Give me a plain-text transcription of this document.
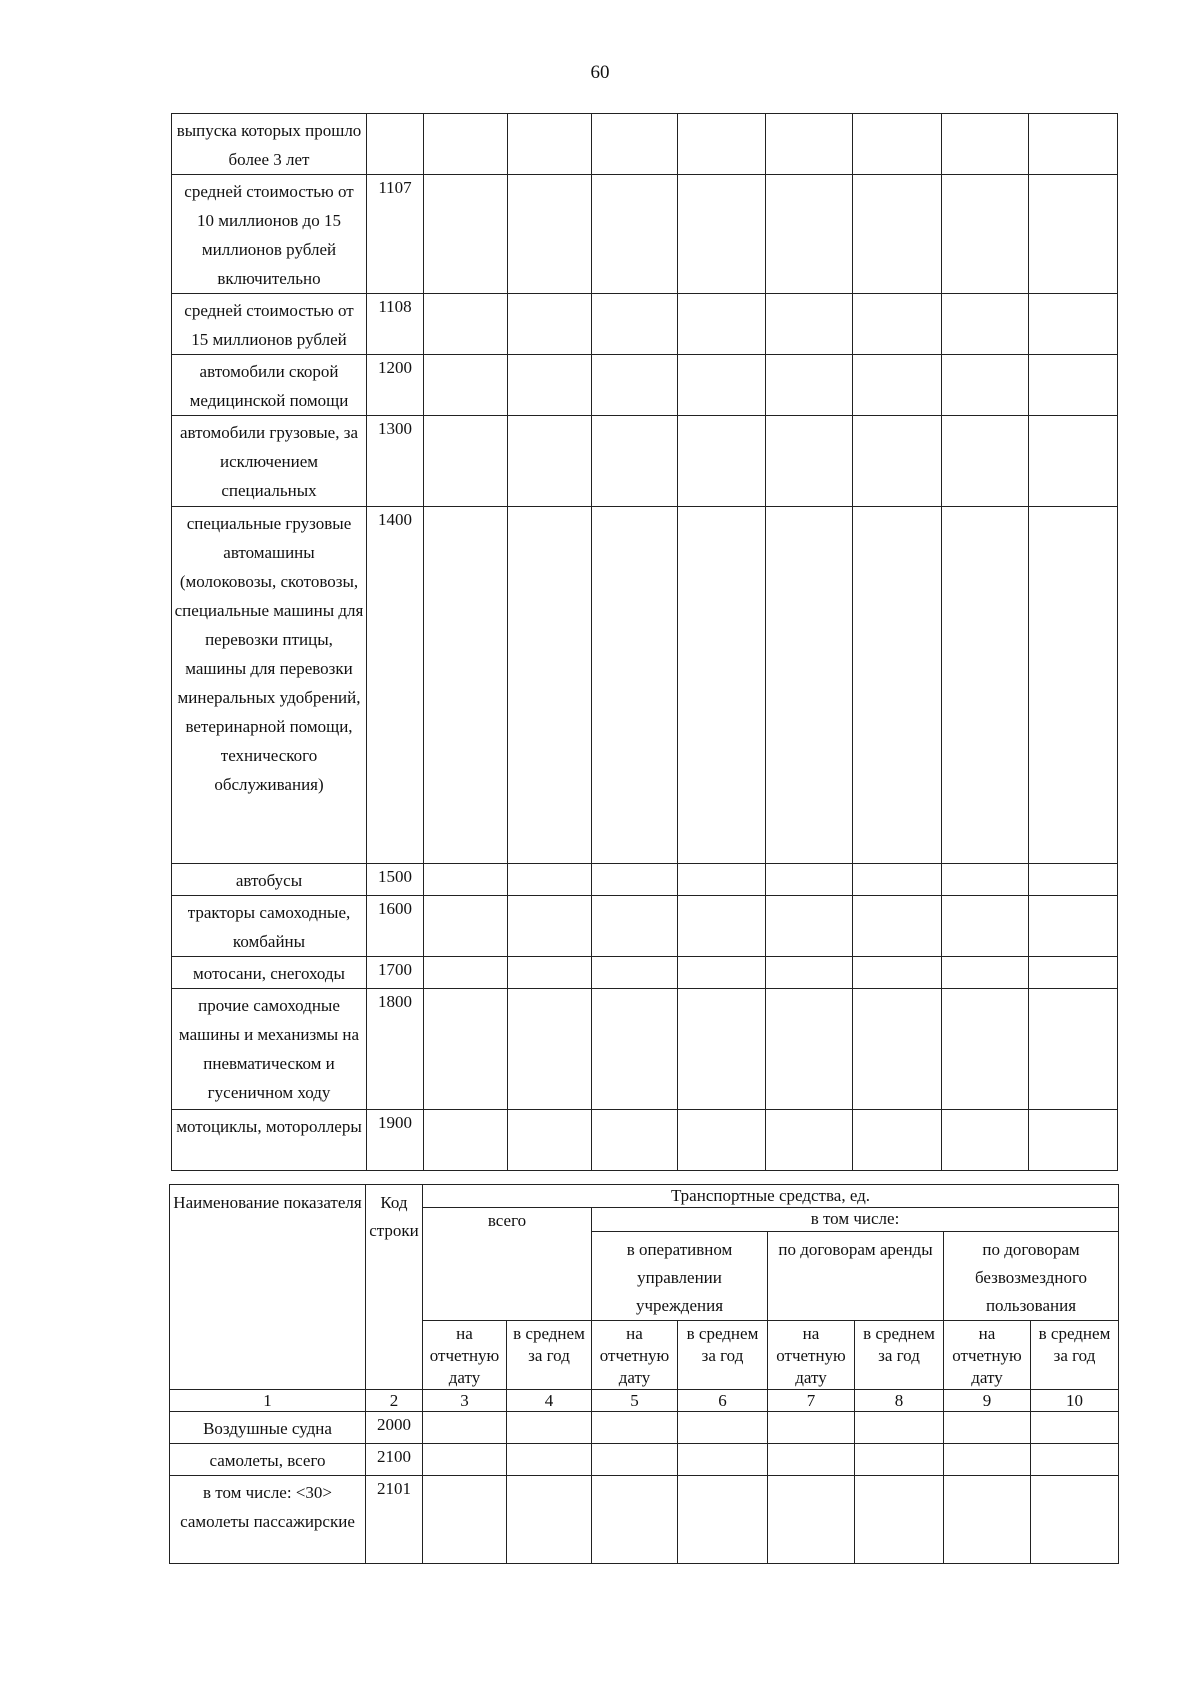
60
выпуска которых прошло более 3 лет									
средней стоимостью от 10 миллионов до 15 миллионов рублей включительно	1107								
средней стоимостью от 15 миллионов рублей	1108								
автомобили скорой медицинской помощи	1200								
автомобили грузовые, за исключением специальных	1300								
специальные грузовые автомашины (молоковозы, скотовозы, специальные машины для перевозки птицы, машины для перевозки минеральных удобрений, ветеринарной помощи, технического обслуживания)	1400								
автобусы	1500								
тракторы самоходные, комбайны	1600								
мотосани, снегоходы	1700								
прочие самоходные машины и механизмы на пневматическом и гусеничном ходу	1800								
мотоциклы, мотороллеры	1900								
Наименование показателя	Код строки	Транспортные средства, ед.							
		всего		в том числе:					
				в оперативном управлении учреждения		по договорам аренды		по договорам безвозмездного пользования	
		на отчетную дату	в среднем за год	на отчетную дату	в среднем за год	на отчетную дату	в среднем за год	на отчетную дату	в среднем за год
1	2	3	4	5	6	7	8	9	10
Воздушные судна	2000								
самолеты, всего	2100								
в том числе: <30> самолеты пассажирские	2101								
